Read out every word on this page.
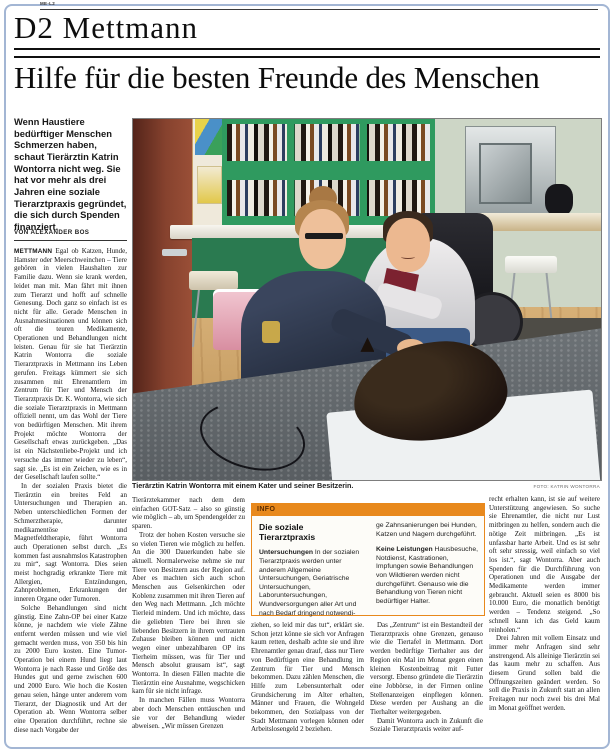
ME-L2
D2 Mettmann
Hilfe für die besten Freunde des Menschen
Wenn Haustiere bedürftiger Menschen Schmerzen haben, schaut Tierärztin Katrin Wontorra nicht weg. Sie hat vor mehr als drei Jahren eine soziale Tierarztpraxis gegründet, die sich durch Spenden finanziert.
VON ALEXANDER BOS

METTMANN Egal ob Katzen, Hunde, Hamster oder Meerschweinchen – Tiere gehören in vielen Haushalten zur Familie dazu. Wenn sie krank werden, leidet man mit. Man fährt mit ihnen zum Tierarzt und hofft auf schnelle Genesung. Doch ganz so einfach ist es nicht für alle. Gerade Menschen in Ausnahmesituationen und können sich oft die teuren Medikamente, Operationen und Behandlungen nicht leisten. Genau für sie hat Tierärztin Katrin Wontorra die soziale Tierarztpraxis in Mettmann ins Leben gerufen. Freitags kümmert sie sich zusammen mit Ehrenamtlern im Zentrum für Tier und Mensch der Tierarztpraxis Dr. K. Wontorra, wie sich die soziale Tierarztpraxis in Mettmann offiziell nennt, um das Wohl der Tiere von bedürftigen Menschen. Mit ihrem Projekt möchte Wontorra der Gesellschaft etwas zurückgeben. „Das ist ein Nächstenliebe-Projekt und ich versuche das immer wieder zu leben“, sagt sie. „Es ist ein Zeichen, wie es in der Gesellschaft laufen sollte.“

In der sozialen Praxis bietet die Tierärztin ein breites Feld an Untersuchungen und Therapien an. Neben unterschiedlichen Formen der Schmerztherapie, darunter medikamentöse und Magnetfeldtherapie, führt Wontorra auch Operationen selbst durch. „Es kommen fast ausnahmslos Katastrophen zu mir“, sagt Wontorra. Dies seien meist hochgradig erkrankte Tiere mit Allergien, Entzündungen, Zahnproblemen, Erkrankungen der inneren Organe oder Tumoren.

Solche Behandlungen sind nicht günstig. Eine Zahn-OP bei einer Katze könne, je nachdem wie viele Zähne entfernt werden müssen und wie viel gemacht werden muss, von 350 bis hin zu 2000 Euro kosten. Eine Tumor-Operation bei einem Hund liegt laut Wontorra je nach Rasse und Größe des Hundes gut und gerne zwischen 600 und 2000 Euro. Wie hoch die Kosten genau seien, hänge unter anderem vom Tierarzt, der Diagnostik und Art der Operation ab. Wenn Wontorra selber eine Operation durchführt, rechne sie diese nach Vorgabe der

Tierärztin Katrin Wontorra mit einem Kater und seiner Besitzerin.	FOTO: KATRIN WONTORRA

Tierärztekammer nach dem dem einfachen GOT-Satz – also so günstig wie möglich – ab, um Spendengelder zu sparen.

Trotz der hohen Kosten versuche sie so vielen Tieren wie möglich zu helfen. An die 300 Dauerkunden habe sie aktuell. Normalerweise nehme sie nur Tiere von Besitzern aus der Region auf. Aber es machten sich auch schon Menschen aus Gelsenkirchen oder Koblenz zusammen mit ihren Tieren auf den Weg nach Mettmann. „Ich möchte Tierleid mindern. Und ich möchte, dass die geliebten Tiere bei ihren sie liebenden Besitzern in ihrem vertrauten Zuhause bleiben können und nicht wegen einer unbezahlbaren OP ins Tierheim müssen, was für Tier und Mensch absolut grausam ist“, sagt Wontorra. In diesen Fällen machte die Tierärztin eine Ausnahme, wegschicken kam für sie nicht infrage.

In manchen Fällen muss Wontorra aber doch Menschen enttäuschen und sie vor der Behandlung wieder abweisen. „Wir müssen Grenzen

INFO

Die soziale Tierarztpraxis

Untersuchungen In der sozialen Tierarztpraxis werden unter anderem Allgemeine Untersuchungen, Geriatrische Untersuchungen, Laboruntersuchungen, Wundversorgungen aller Art und nach Bedarf dringend notwendi-

ge Zahnsanierungen bei Hunden, Katzen und Nagern durchgeführt.

Keine Leistungen Hausbesuche, Notdienst, Kastrationen, Impfungen sowie Behandlungen von Wildtieren werden nicht durchgeführt. Genauso wie die Behandlung von Tieren nicht bedürftiger Halter.

ziehen, so leid mir das tut“, erklärt sie. Schon jetzt könne sie sich vor Anfragen kaum retten, deshalb achte sie und ihre Ehrenamtler genau drauf, dass nur Tiere von Bedürftigen eine Behandlung im Zentrum für Tier und Mensch bekommen. Dazu zählen Menschen, die Hilfe zum Lebensunterhalt oder Grundsicherung im Alter erhalten, Männer und Frauen, die Wohngeld bekommen, den Sozialpass von der Stadt Mettmann vorlegen können oder Arbeitslosengeld 2 beziehen.

Das „Zentrum“ ist ein Bestandteil der Tierarztpraxis ohne Grenzen, genauso wie die Tiertafel in Mettmann. Dort werden bedürftige Tierhalter aus der Region ein Mal im Monat gegen einen kleinen Kostenbeitrag mit Futter versorgt. Ebenso gründete die Tierärztin eine Jobbörse, in der Firmen online Stellenanzeigen einpflegen können. Diese werden per Aushang an die Tierhalter weitergegeben.

Damit Wontorra auch in Zukunft die Soziale Tierarztpraxis weiter auf-

recht erhalten kann, ist sie auf weitere Unterstützung angewiesen. So suche sie Ehrenamtler, die nicht nur Lust mitbringen zu helfen, sondern auch die nötige Zeit mitbringen. „Es ist unfassbar harte Arbeit. Und es ist sehr oft sehr stressig, weil einfach so viel los ist.“, sagt Wontorra. Aber auch Spenden für die Durchführung von Operationen und die Ausgabe der Medikamente werden immer gebraucht. Aktuell seien es 8000 bis 10.000 Euro, die monatlich benötigt werden – Tendenz steigend. „So schnell kann ich das Geld kaum reinholen.“

Drei Jahren mit vollem Einsatz und immer mehr Anfragen sind sehr anstrengend. Als alleinige Tierärztin sei das kaum mehr zu schaffen. Aus diesem Grund sollen bald die Öffnungszeiten geändert werden. So soll die Praxis in Zukunft statt an allen Freitagen nur noch zwei bis drei Mal im Monat geöffnet werden.
